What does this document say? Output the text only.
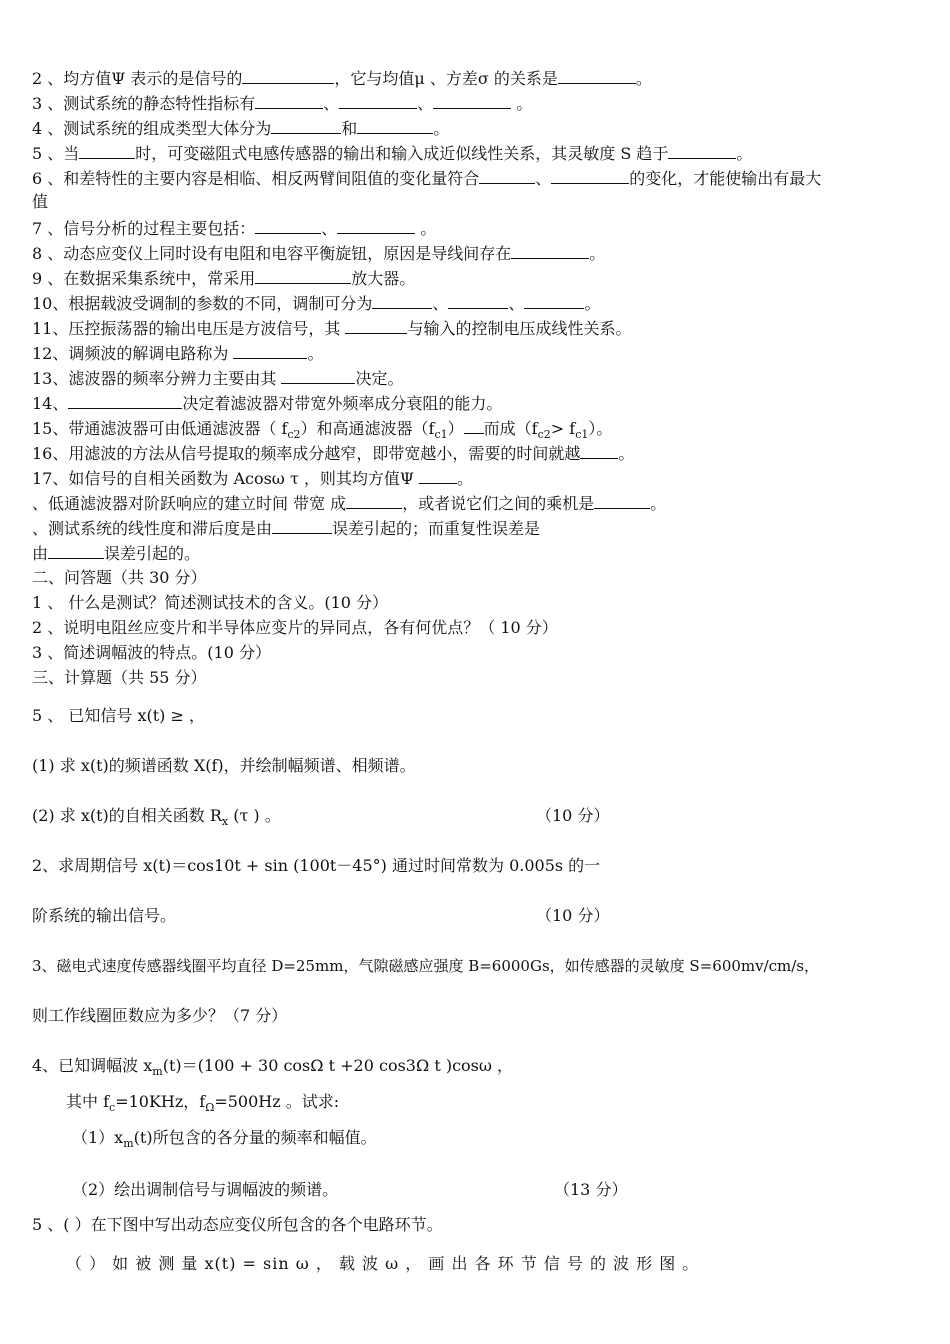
2 、均方值Ψ 表示的是信号的	，它与均值μ 、方差σ 的关系是	。
3 、测试系统的静态特性指标有	、	、	。
4 、测试系统的组成类型大体分为	和	。
5 、当	时，可变磁阻式电感传感器的输出和输入成近似线性关系，其灵敏度 S 趋于	。
6 、和差特性的主要内容是相临、相反两臂间阻值的变化量符合	、	的变化，才能使输出有最大
值
7 、信号分析的过程主要包括：	、	。
8 、动态应变仪上同时设有电阻和电容平衡旋钮，原因是导线间存在	。
9 、在数据采集系统中，常采用	放大器。
10、根据载波受调制的参数的不同，调制可分为	、	、	。
11、压控振荡器的输出电压是方波信号，其	与输入的控制电压成线性关系。
12、调频波的解调电路称为	。
13、滤波器的频率分辨力主要由其	决定。
14、	决定着滤波器对带宽外频率成分衰阻的能力。
15、带通滤波器可由低通滤波器（ $f_{c2}$）和高通滤波器$(f_{c1})$ 而成$(f_{c2}> f_{c1})$。
16、用滤波的方法从信号提取的频率成分越窄，即带宽越小，需要的时间就越 。
17、如信号的自相关函数为 Acosω τ ，则其均方值Ψ 。
、低通滤波器对阶跃响应的建立时间 带宽 成	，或者说它们之间的乘机是	。
、测试系统的线性度和滞后度是由	误差引起的；而重复性误差是
由	误差引起的。
二、问答题（共 30 分）
1 、 什么是测试？简述测试技术的含义。(10 分）
2 、说明电阻丝应变片和半导体应变片的异同点，各有何优点？（ 10 分）
3 、简述调幅波的特点。(10 分）
三、计算题（共 55 分）
5 、 已知信号 x(t) ≥ ，
(1) 求 x(t)的频谱函数 X(f)，并绘制幅频谱、相频谱。
(2) 求 x(t)的自相关函数 $R_x$ (τ ) 。	（10 分）
2、求周期信号 x(t)＝cos10t + sin (100t－45°) 通过时间常数为 0.005s 的一
阶系统的输出信号。	（10 分）
3、磁电式速度传感器线圈平均直径 D=25mm，气隙磁感应强度 B=6000Gs，如传感器的灵敏度 S=600mv/cm/s，
则工作线圈匝数应为多少？（7 分）
4、已知调幅波 $x_m(t)=(100 + 30$ cosΩ t +20 cos3Ω t )cosω ，
其中 $f_c=10KHz$，$f_\Omega=500Hz$ 。试求:
$(1)x_m(t)$所包含的各分量的频率和幅值。
（2）绘出调制信号与调幅波的频谱。	（13 分）
5 、( ）在下图中写出动态应变仪所包含的各个电路环节。
（ ） 如 被 测 量 x(t) = sin ω ， 载 波 ω ， 画 出 各 环 节 信 号 的 波 形 图 。
